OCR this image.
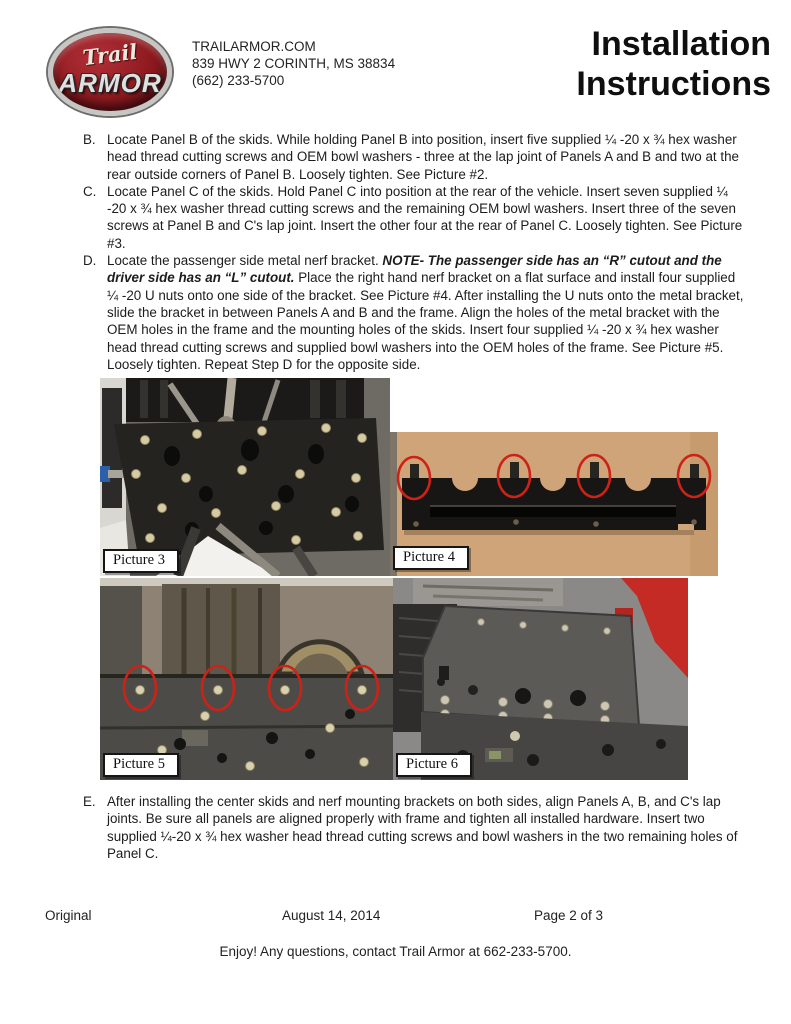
Trail
ARMOR
TRAILARMOR.COM
839 HWY 2 CORINTH, MS 38834
(662) 233-5700
Installation
Instructions
B. Locate Panel B of the skids. While holding Panel B into position, insert five supplied ¼ -20 x ¾ hex washer head thread cutting screws and OEM bowl washers - three at the lap joint of Panels A and B and two at the rear outside corners of Panel B. Loosely tighten. See Picture #2.
C. Locate Panel C of the skids. Hold Panel C into position at the rear of the vehicle. Insert seven supplied ¼ -20 x ¾ hex washer thread cutting screws and the remaining OEM bowl washers. Insert three of the seven screws at Panel B and C's lap joint. Insert the other four at the rear of Panel C. Loosely tighten. See Picture #3.
D. Locate the passenger side metal nerf bracket. NOTE- The passenger side has an “R” cutout and the driver side has an “L” cutout. Place the right hand nerf bracket on a flat surface and install four supplied ¼ -20 U nuts onto one side of the bracket. See Picture #4. After installing the U nuts onto the metal bracket, slide the bracket in between Panels A and B and the frame. Align the holes of the metal bracket with the OEM holes in the frame and the mounting holes of the skids. Insert four supplied ¼ -20 x ¾ hex washer head thread cutting screws and supplied bowl washers into the OEM holes of the frame. See Picture #5. Loosely tighten. Repeat Step D for the opposite side.
Picture 3	Picture 4
Picture 5	Picture 6
E. After installing the center skids and nerf mounting brackets on both sides, align Panels A, B, and C's lap joints. Be sure all panels are aligned properly with frame and tighten all installed hardware. Insert two supplied ¼-20 x ¾ hex washer head thread cutting screws and bowl washers in the two remaining holes of Panel C.
Original	August 14, 2014	Page 2 of 3
Enjoy! Any questions, contact Trail Armor at 662-233-5700.
